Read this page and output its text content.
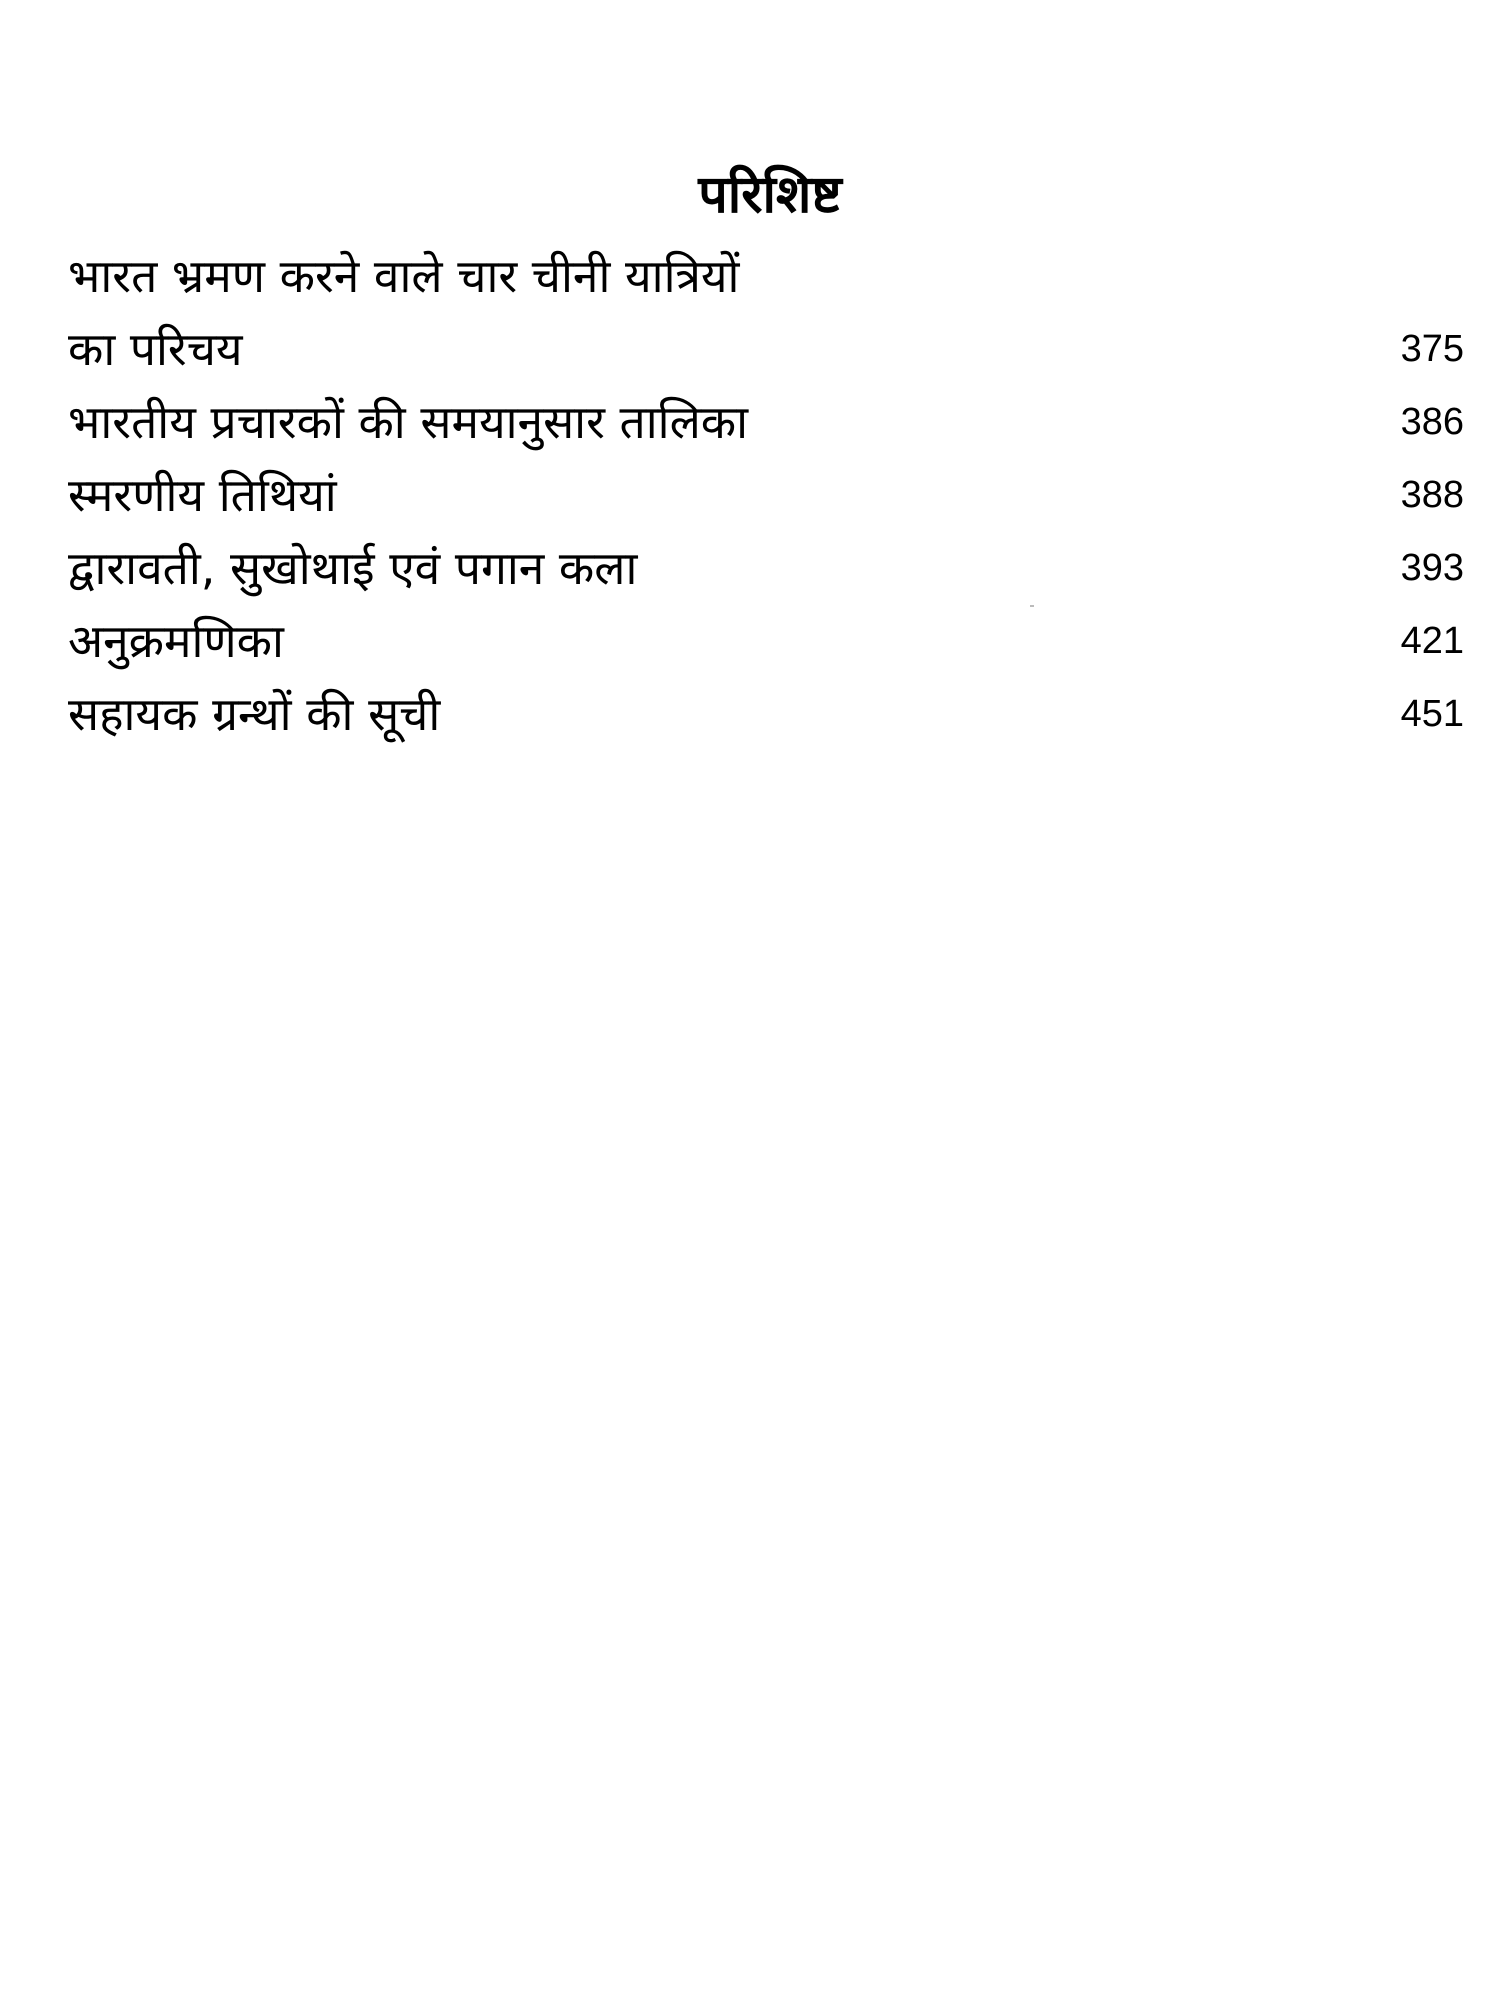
परिशिष्ट
भारत भ्रमण करने वाले चार चीनी यात्रियों
का परिचय	375
भारतीय प्रचारकों की समयानुसार तालिका	386
स्मरणीय तिथियां	388
द्वारावती, सुखोथाई एवं पगान कला	393
अनुक्रमणिका	421
सहायक ग्रन्थों की सूची	451
